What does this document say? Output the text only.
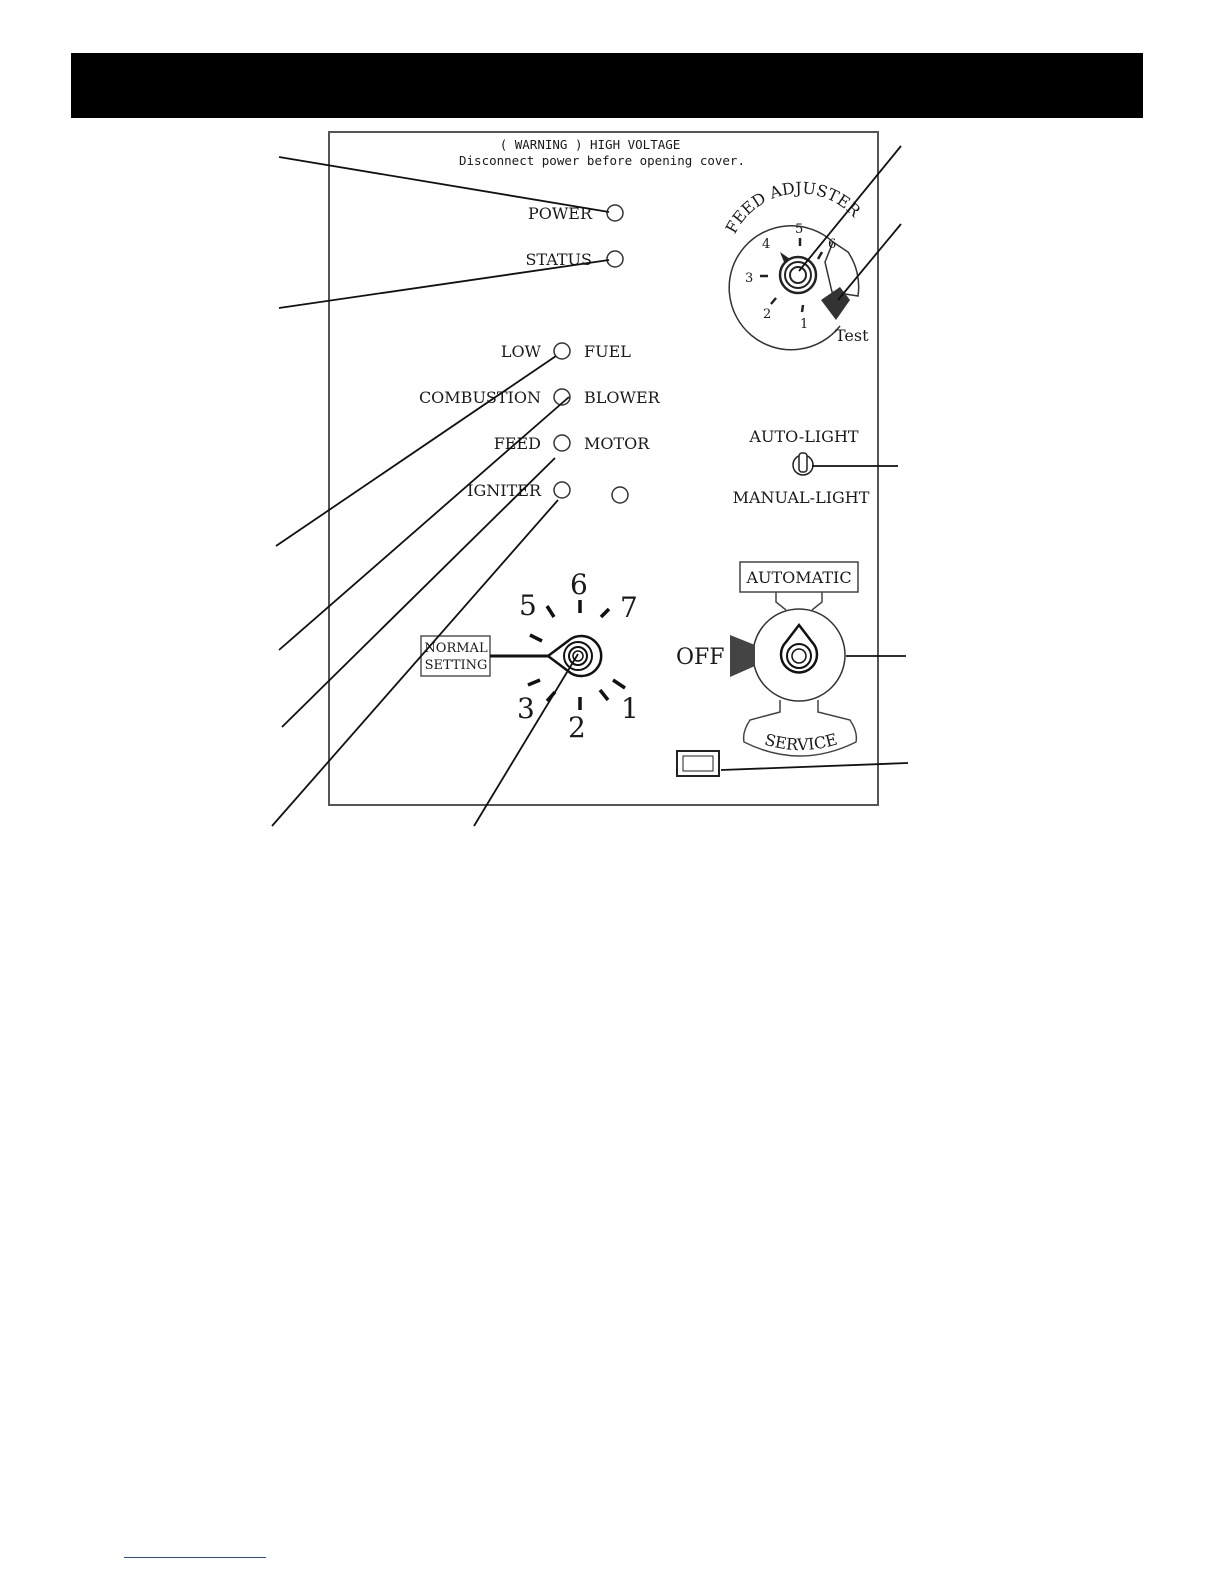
( WARNING ) HIGH VOLTAGE
Disconnect power before opening cover.
POWER
STATUS
LOW	FUEL
COMBUSTION	BLOWER
FEED	MOTOR
IGNITER
FEED ADJUSTER
4
5
6
3
2
1
Test
AUTO-LIGHT
MANUAL-LIGHT
5
6
7
3
2
1
NORMAL
SETTING
AUTOMATIC
OFF
SERVICE
